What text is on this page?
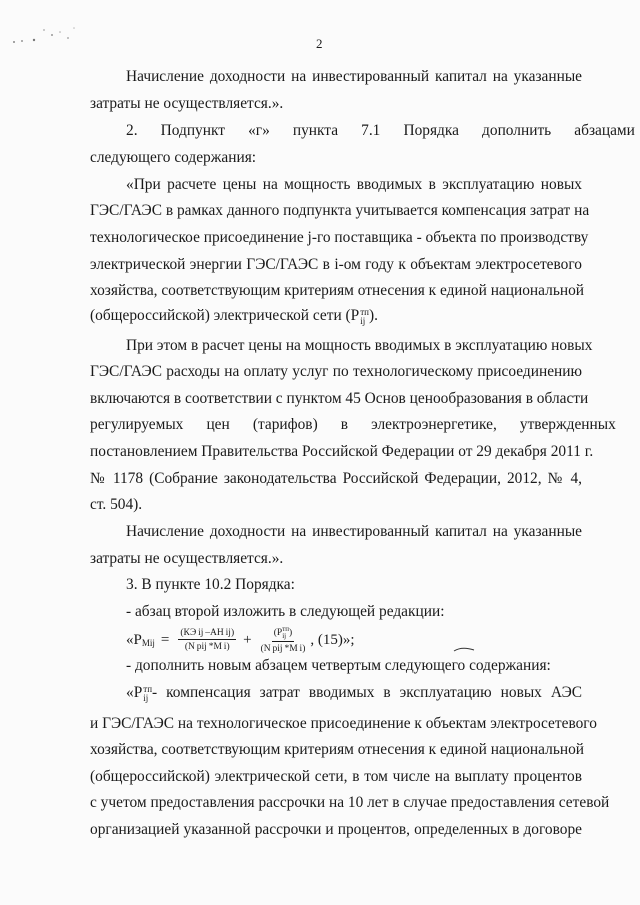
2
Начисление доходности на инвестированный капитал на указанные
затраты не осуществляется.».
2.      Подпункт      «г»      пункта      7.1      Порядка      дополнить      абзацами
следующего содержания:
«При расчете цены на мощность вводимых в эксплуатацию новых
ГЭС/ГАЭС в рамках данного подпункта учитывается компенсация затрат на
технологическое присоединение j-го поставщика - объекта по производству
электрической энергии ГЭС/ГАЭС в i-ом году к объектам электросетевого
хозяйства, соответствующим критериям отнесения к единой национальной
(общероссийской) электрической сети (P тп
ij ).
При этом в расчет цены на мощность вводимых в эксплуатацию новых
ГЭС/ГАЭС расходы на оплату услуг по технологическому присоединению
включаются в соответствии с пунктом 45 Основ ценообразования в области
регулируемых      цен      (тарифов)      в      электроэнергетике,      утвержденных
постановлением Правительства Российской Федерации от 29 декабря 2011 г.
№ 1178 (Собрание законодательства Российской Федерации, 2012, № 4,
ст. 504).
Начисление доходности на инвестированный капитал на указанные
затраты не осуществляется.».
3. В пункте 10.2 Порядка:
- абзац второй изложить в следующей редакции:
«$P_{Mij} = \frac{\text{(КЭ ij –АН ij)}}{\text{(N pij *M i)}} + (P$ тп
ij )
(N pij *M i) , (15)»;
- дополнить новым абзацем четвертым следующего содержания:
«P тп
ij - компенсация затрат вводимых в эксплуатацию новых АЭС
и ГЭС/ГАЭС на технологическое присоединение к объектам электросетевого
хозяйства, соответствующим критериям отнесения к единой национальной
(общероссийской) электрической сети, в том числе на выплату процентов
с учетом предоставления рассрочки на 10 лет в случае предоставления сетевой
организацией указанной рассрочки и процентов, определенных в договоре
